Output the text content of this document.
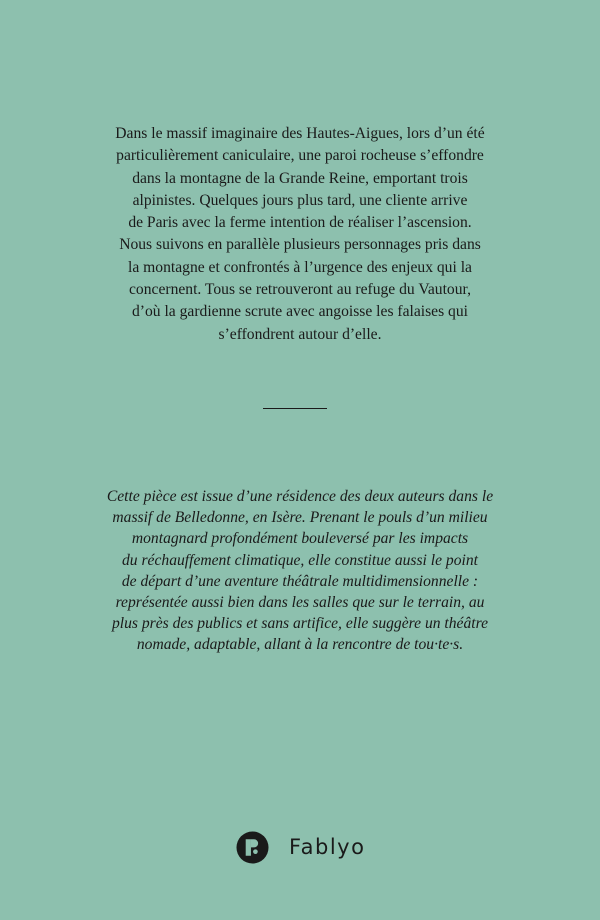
Dans le massif imaginaire des Hautes-Aigues, lors d’un été
particulièrement caniculaire, une paroi rocheuse s’effondre
dans la montagne de la Grande Reine, emportant trois
alpinistes. Quelques jours plus tard, une cliente arrive
de Paris avec la ferme intention de réaliser l’ascension.
Nous suivons en parallèle plusieurs personnages pris dans
la montagne et confrontés à l’urgence des enjeux qui la
concernent. Tous se retrouveront au refuge du Vautour,
d’où la gardienne scrute avec angoisse les falaises qui
s’effondrent autour d’elle.
Cette pièce est issue d’une résidence des deux auteurs dans le
massif de Belledonne, en Isère. Prenant le pouls d’un milieu
montagnard profondément bouleversé par les impacts
du réchauffement climatique, elle constitue aussi le point
de départ d’une aventure théâtrale multidimensionnelle :
représentée aussi bien dans les salles que sur le terrain, au
plus près des publics et sans artifice, elle suggère un théâtre
nomade, adaptable, allant à la rencontre de tou·te·s.
Fablyo
